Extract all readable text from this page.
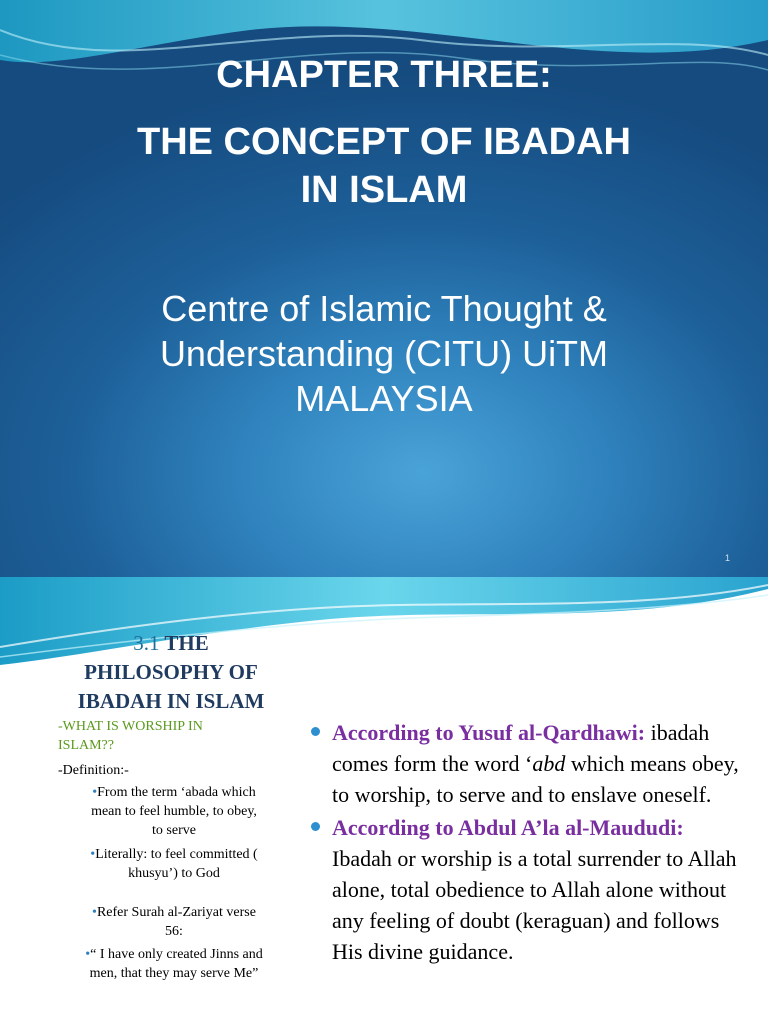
CHAPTER THREE:
THE CONCEPT OF IBADAH
IN ISLAM
Centre of Islamic Thought &
Understanding (CITU) UiTM
MALAYSIA
1
3.1 THE
PHILOSOPHY OF
IBADAH IN ISLAM
-WHAT IS WORSHIP IN
ISLAM??
-Definition:-
•From the term ‘abada which
mean to feel humble, to obey,
to serve
•Literally: to feel committed (
khusyu’) to God
•Refer Surah al-Zariyat verse
56:
•“ I have only created Jinns and
men, that they may serve Me”
According to Yusuf al-Qardhawi: ibadah comes form the word ‘abd which means obey, to worship, to serve and to enslave oneself.
According to Abdul A’la al-Maududi: Ibadah or worship is a total surrender to Allah alone, total obedience to Allah alone without any feeling of doubt (keraguan) and follows His divine guidance.
